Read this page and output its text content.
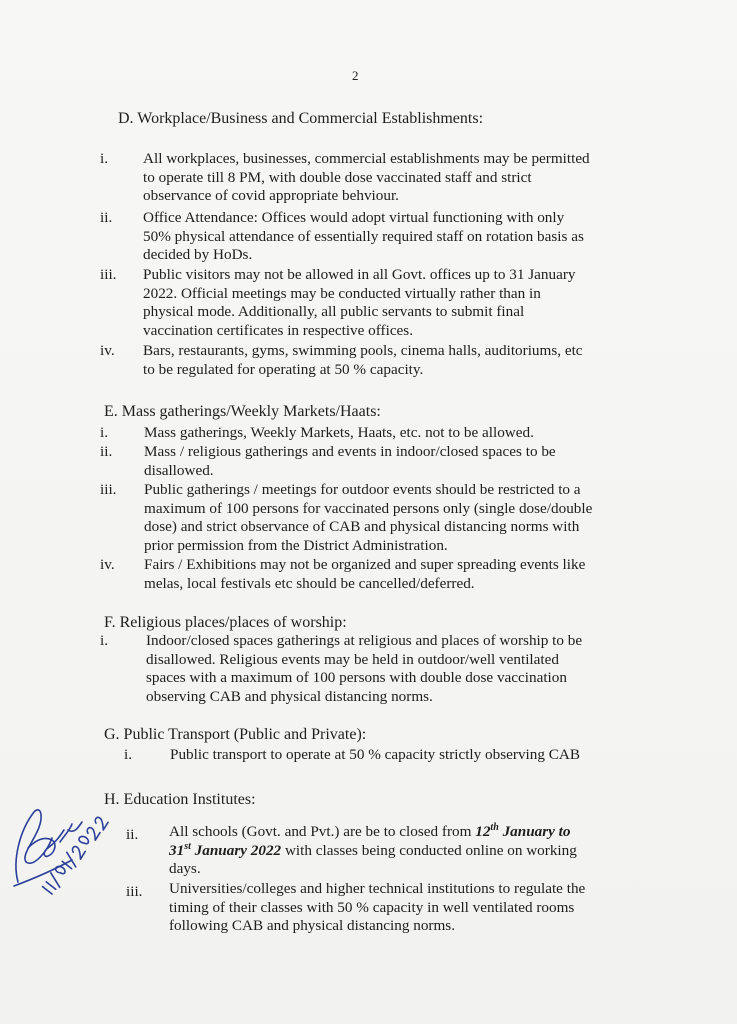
2
D. Workplace/Business and Commercial Establishments:
i. All workplaces, businesses, commercial establishments may be permitted
to operate till 8 PM, with double dose vaccinated staff and strict
observance of covid appropriate behviour.
ii. Office Attendance: Offices would adopt virtual functioning with only
50% physical attendance of essentially required staff on rotation basis as
decided by HoDs.
iii. Public visitors may not be allowed in all Govt. offices up to 31 January
2022. Official meetings may be conducted virtually rather than in
physical mode. Additionally, all public servants to submit final
vaccination certificates in respective offices.
iv. Bars, restaurants, gyms, swimming pools, cinema halls, auditoriums, etc
to be regulated for operating at 50 % capacity.
E. Mass gatherings/Weekly Markets/Haats:
i. Mass gatherings, Weekly Markets, Haats, etc. not to be allowed.
ii. Mass / religious gatherings and events in indoor/closed spaces to be
disallowed.
iii. Public gatherings / meetings for outdoor events should be restricted to a
maximum of 100 persons for vaccinated persons only (single dose/double
dose) and strict observance of CAB and physical distancing norms with
prior permission from the District Administration.
iv. Fairs / Exhibitions may not be organized and super spreading events like
melas, local festivals etc should be cancelled/deferred.
F. Religious places/places of worship:
i. Indoor/closed spaces gatherings at religious and places of worship to be
disallowed. Religious events may be held in outdoor/well ventilated
spaces with a maximum of 100 persons with double dose vaccination
observing CAB and physical distancing norms.
G. Public Transport (Public and Private):
i. Public transport to operate at 50 % capacity strictly observing CAB
H. Education Institutes:
ii. All schools (Govt. and Pvt.) are be to closed from 12th January to
31st January 2022 with classes being conducted online on working
days.
iii. Universities/colleges and higher technical institutions to regulate the
timing of their classes with 50 % capacity in well ventilated rooms
following CAB and physical distancing norms.
